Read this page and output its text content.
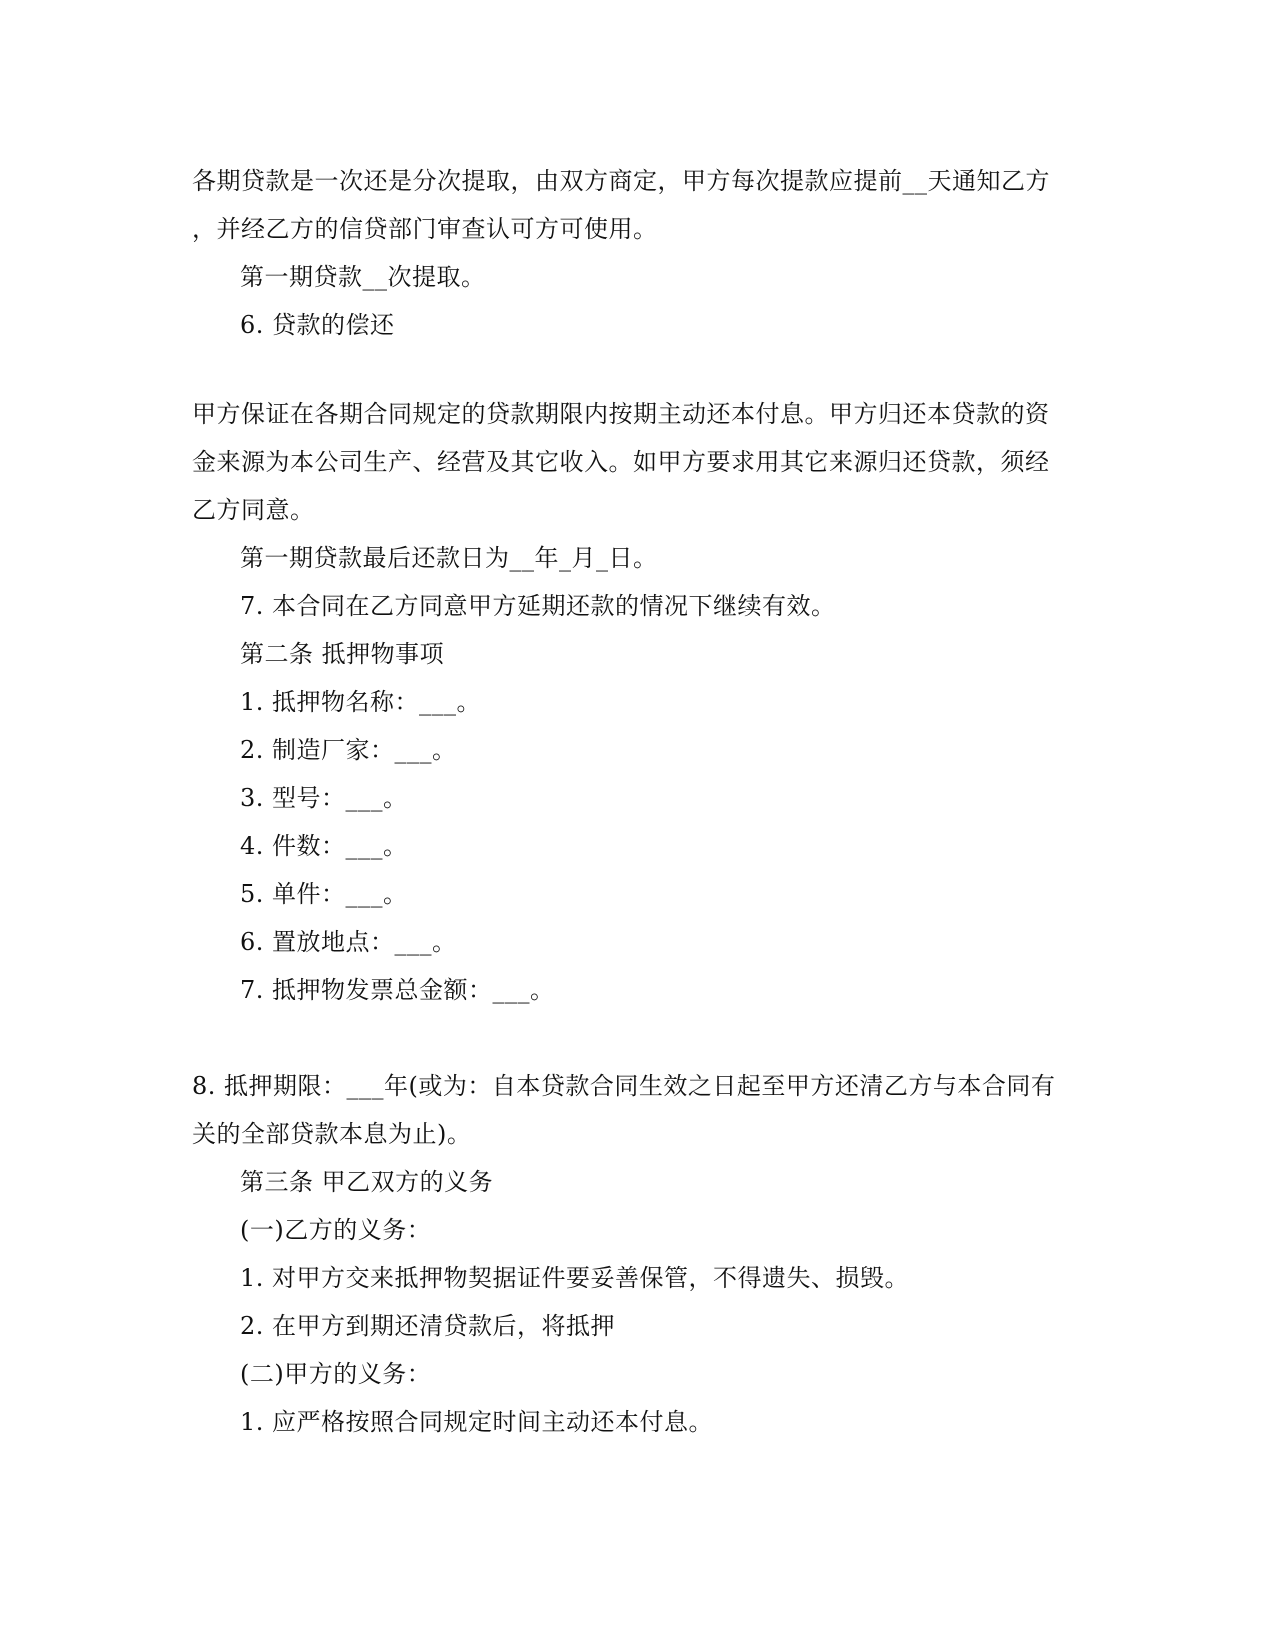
各期贷款是一次还是分次提取，由双方商定，甲方每次提款应提前__天通知乙方
，并经乙方的信贷部门审查认可方可使用。
第一期贷款__次提取。
6. 贷款的偿还
甲方保证在各期合同规定的贷款期限内按期主动还本付息。甲方归还本贷款的资
金来源为本公司生产、经营及其它收入。如甲方要求用其它来源归还贷款，须经
乙方同意。
第一期贷款最后还款日为__年_月_日。
7. 本合同在乙方同意甲方延期还款的情况下继续有效。
第二条 抵押物事项
1. 抵押物名称：___。
2. 制造厂家：___。
3. 型号：___。
4. 件数：___。
5. 单件：___。
6. 置放地点：___。
7. 抵押物发票总金额：___。
8. 抵押期限：___年(或为：自本贷款合同生效之日起至甲方还清乙方与本合同有
关的全部贷款本息为止)。
第三条 甲乙双方的义务
(一)乙方的义务：
1. 对甲方交来抵押物契据证件要妥善保管，不得遗失、损毁。
2. 在甲方到期还清贷款后，将抵押
(二)甲方的义务：
1. 应严格按照合同规定时间主动还本付息。
